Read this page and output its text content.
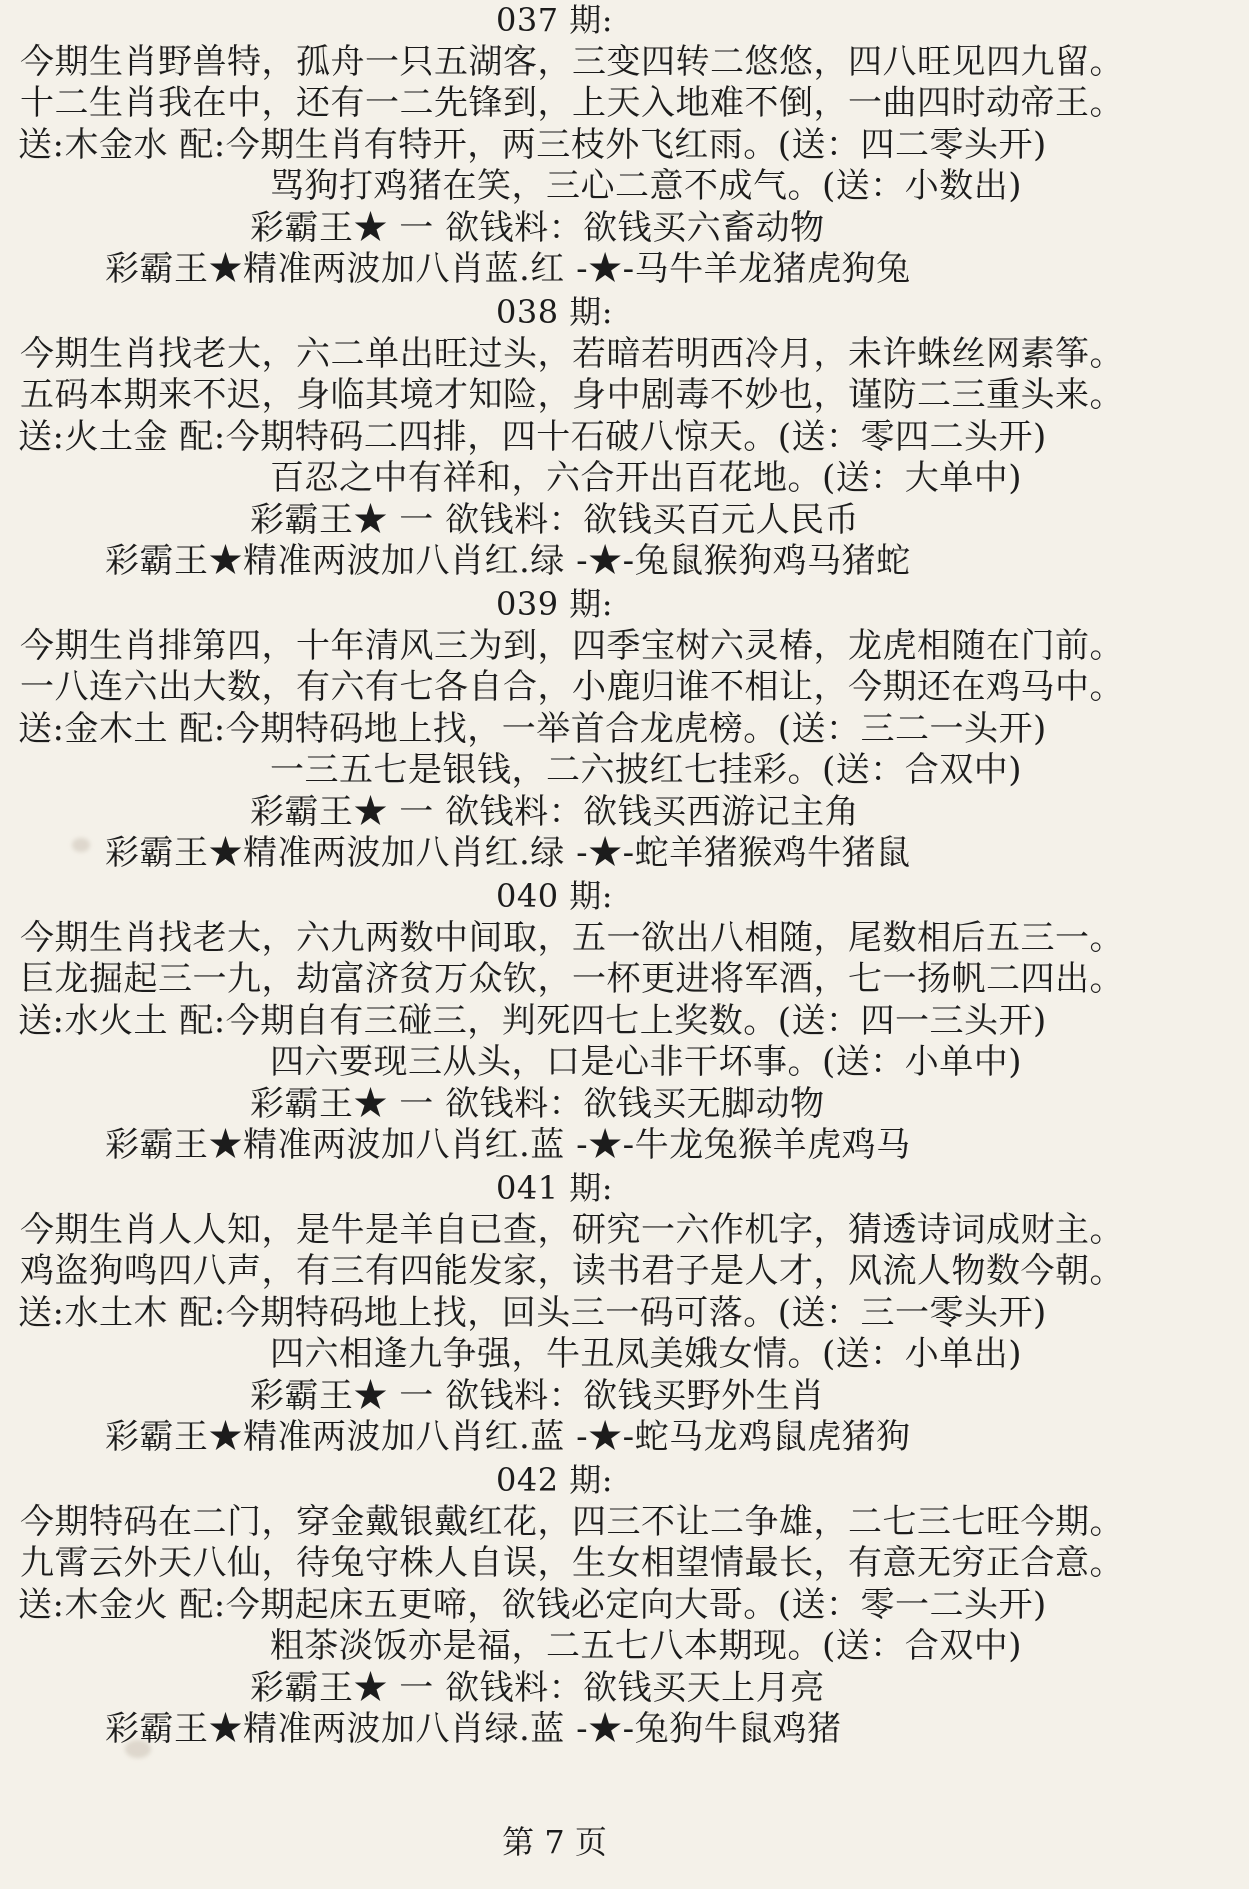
037 期:
今期生肖野兽特，孤舟一只五湖客，三变四转二悠悠，四八旺见四九留。
十二生肖我在中，还有一二先锋到，上天入地难不倒，一曲四时动帝王。
送:木金水 配:今期生肖有特开，两三枝外飞红雨。(送：四二零头开)
骂狗打鸡猪在笑，三心二意不成气。(送：小数出)
彩霸王★ 一 欲钱料：欲钱买六畜动物
彩霸王★精准两波加八肖蓝.红 -★-马牛羊龙猪虎狗兔
038 期:
今期生肖找老大，六二单出旺过头，若暗若明西冷月，未许蛛丝网素筝。
五码本期来不迟，身临其境才知险，身中剧毒不妙也，谨防二三重头来。
送:火土金 配:今期特码二四排，四十石破八惊天。(送：零四二头开)
百忍之中有祥和，六合开出百花地。(送：大单中)
彩霸王★ 一 欲钱料：欲钱买百元人民币
彩霸王★精准两波加八肖红.绿 -★-兔鼠猴狗鸡马猪蛇
039 期:
今期生肖排第四，十年清风三为到，四季宝树六灵椿，龙虎相随在门前。
一八连六出大数，有六有七各自合，小鹿归谁不相让，今期还在鸡马中。
送:金木土 配:今期特码地上找，一举首合龙虎榜。(送：三二一头开)
一三五七是银钱，二六披红七挂彩。(送：合双中)
彩霸王★ 一 欲钱料：欲钱买西游记主角
彩霸王★精准两波加八肖红.绿 -★-蛇羊猪猴鸡牛猪鼠
040 期:
今期生肖找老大，六九两数中间取，五一欲出八相随，尾数相后五三一。
巨龙掘起三一九，劫富济贫万众钦，一杯更进将军酒，七一扬帆二四出。
送:水火土 配:今期自有三碰三，判死四七上奖数。(送：四一三头开)
四六要现三从头，口是心非干坏事。(送：小单中)
彩霸王★ 一 欲钱料：欲钱买无脚动物
彩霸王★精准两波加八肖红.蓝 -★-牛龙兔猴羊虎鸡马
041 期:
今期生肖人人知，是牛是羊自已查，研究一六作机字，猜透诗词成财主。
鸡盗狗鸣四八声，有三有四能发家，读书君子是人才，风流人物数今朝。
送:水土木 配:今期特码地上找，回头三一码可落。(送：三一零头开)
四六相逢九争强，牛丑凤美娥女情。(送：小单出)
彩霸王★ 一 欲钱料：欲钱买野外生肖
彩霸王★精准两波加八肖红.蓝 -★-蛇马龙鸡鼠虎猪狗
042 期:
今期特码在二门，穿金戴银戴红花，四三不让二争雄，二七三七旺今期。
九霄云外天八仙，待兔守株人自误，生女相望情最长，有意无穷正合意。
送:木金火 配:今期起床五更啼，欲钱必定向大哥。(送：零一二头开)
粗茶淡饭亦是福，二五七八本期现。(送：合双中)
彩霸王★ 一 欲钱料：欲钱买天上月亮
彩霸王★精准两波加八肖绿.蓝 -★-兔狗牛鼠鸡猪
第 7 页
